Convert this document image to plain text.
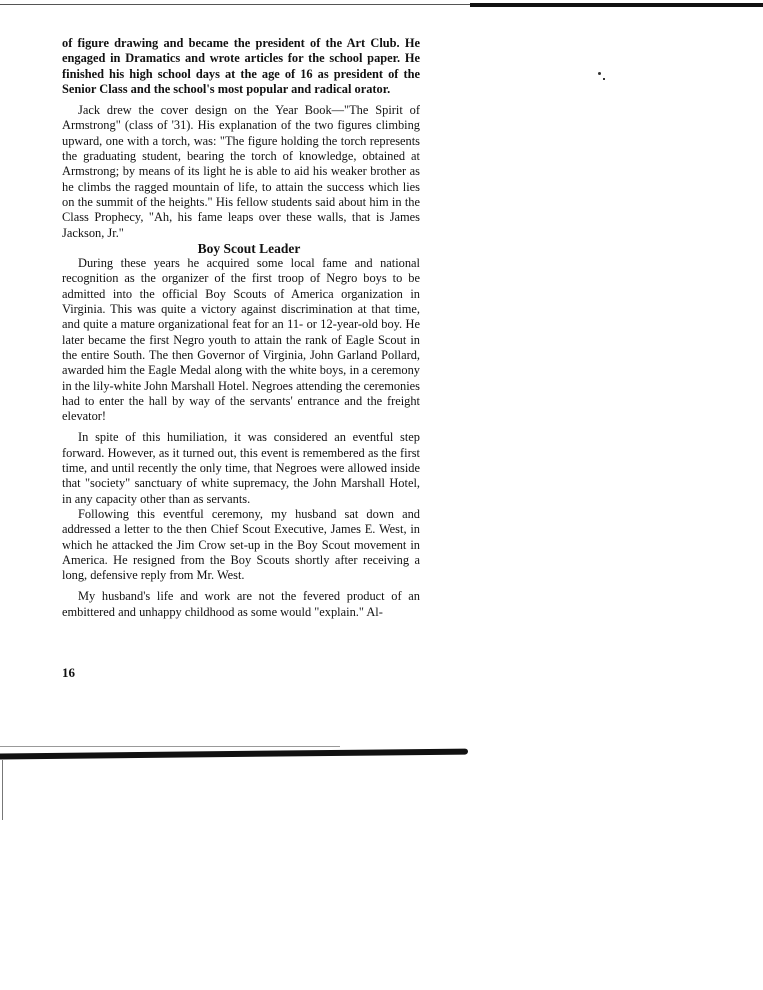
of figure drawing and became the president of the Art Club. He engaged in Dramatics and wrote articles for the school paper. He finished his high school days at the age of 16 as president of the Senior Class and the school's most popular and radical orator.

Jack drew the cover design on the Year Book—"The Spirit of Armstrong" (class of '31). His explanation of the two figures climbing upward, one with a torch, was: "The figure holding the torch represents the graduating student, bearing the torch of knowledge, obtained at Armstrong; by means of its light he is able to aid his weaker brother as he climbs the ragged mountain of life, to attain the success which lies on the summit of the heights." His fellow students said about him in the Class Prophecy, "Ah, his fame leaps over these walls, that is James Jackson, Jr."

Boy Scout Leader

During these years he acquired some local fame and national recognition as the organizer of the first troop of Negro boys to be admitted into the official Boy Scouts of America organization in Virginia. This was quite a victory against discrimination at that time, and quite a mature organizational feat for an 11- or 12-year-old boy. He later became the first Negro youth to attain the rank of Eagle Scout in the entire South. The then Governor of Virginia, John Garland Pollard, awarded him the Eagle Medal along with the white boys, in a ceremony in the lily-white John Marshall Hotel. Negroes attending the ceremonies had to enter the hall by way of the servants' entrance and the freight elevator!

In spite of this humiliation, it was considered an eventful step forward. However, as it turned out, this event is remembered as the first time, and until recently the only time, that Negroes were allowed inside that "society" sanctuary of white supremacy, the John Marshall Hotel, in any capacity other than as servants.

Following this eventful ceremony, my husband sat down and addressed a letter to the then Chief Scout Executive, James E. West, in which he attacked the Jim Crow set-up in the Boy Scout movement in America. He resigned from the Boy Scouts shortly after receiving a long, defensive reply from Mr. West.

My husband's life and work are not the fevered product of an embittered and unhappy childhood as some would "explain." Al-

16
